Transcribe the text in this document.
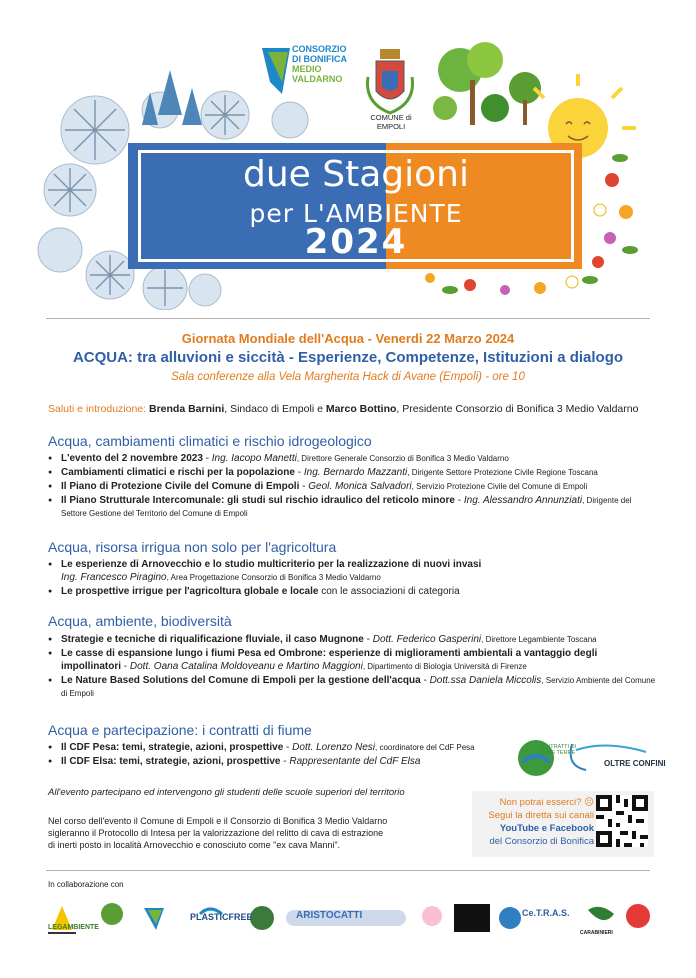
CONSORZIO
DI BONIFICA
MEDIO
VALDARNO
COMUNE di EMPOLI
due Stagioni
per L'AMBIENTE
2024
Giornata Mondiale dell'Acqua - Venerdi 22 Marzo 2024
ACQUA: tra alluvioni e siccità - Esperienze, Competenze, Istituzioni a dialogo
Sala conferenze alla Vela Margherita Hack di Avane (Empoli) - ore 10
Saluti e introduzione: Brenda Barnini, Sindaco di Empoli e Marco Bottino, Presidente Consorzio di Bonifica 3 Medio Valdarno
Acqua, cambiamenti climatici e rischio idrogeologico
● L'evento del 2 novembre 2023 - Ing. Iacopo Manetti, Direttore Generale Consorzio di Bonifica 3 Medio Valdarno
● Cambiamenti climatici e rischi per la popolazione - Ing. Bernardo Mazzanti, Dirigente Settore Protezione Civile Regione Toscana
● Il Piano di Protezione Civile del Comune di Empoli - Geol. Monica Salvadori, Servizio Protezione Civile del Comune di Empoli
● Il Piano Strutturale Intercomunale: gli studi sul rischio idraulico del reticolo minore - Ing. Alessandro Annunziati, Dirigente del Settore Gestione del Territorio del Comune di Empoli
Acqua, risorsa irrigua non solo per l'agricoltura
● Le esperienze di Arnovecchio e lo studio multicriterio per la realizzazione di nuovi invasi
Ing. Francesco Piragino, Area Progettazione Consorzio di Bonifica 3 Medio Valdarno
● Le prospettive irrigue per l'agricoltura globale e locale con le associazioni di categoria
Acqua, ambiente, biodiversità
● Strategie e tecniche di riqualificazione fluviale, il caso Mugnone - Dott. Federico Gasperini, Direttore Legambiente Toscana
● Le casse di espansione lungo i fiumi Pesa ed Ombrone: esperienze di miglioramenti ambientali a vantaggio degli impollinatori - Dott. Oana Catalina Moldoveanu e Martino Maggioni, Dipartimento di Biologia Università di Firenze
● Le Nature Based Solutions del Comune di Empoli per la gestione dell'acqua - Dott.ssa Daniela Miccolis, Servizio Ambiente del Comune di Empoli
Acqua e partecipazione: i contratti di fiume
● Il CDF Pesa: temi, strategie, azioni, prospettive - Dott. Lorenzo Nesi, coordinatore del CdF Pesa
● Il CDF Elsa: temi, strategie, azioni, prospettive - Rappresentante del CdF Elsa
CONTRATTI DI FIUME TERRE
OLTRE CONFINI
All'evento partecipano ed intervengono gli studenti delle scuole superiori del territorio
Nel corso dell'evento il Comune di Empoli e il Consorzio di Bonifica 3 Medio Valdarno
sigleranno il Protocollo di Intesa per la valorizzazione del relitto di cava di estrazione
di inerti posto in località Arnovecchio e conosciuto come "ex cava Manni".
Non potrai esserci? ☹
Segui la diretta sui canali
YouTube e Facebook
del Consorzio di Bonifica
In collaborazione con
LEGAMBIENTE
PLASTICFREE	ARISTOCATTI	Ce.T.R.A.S.
CARABINIERI
